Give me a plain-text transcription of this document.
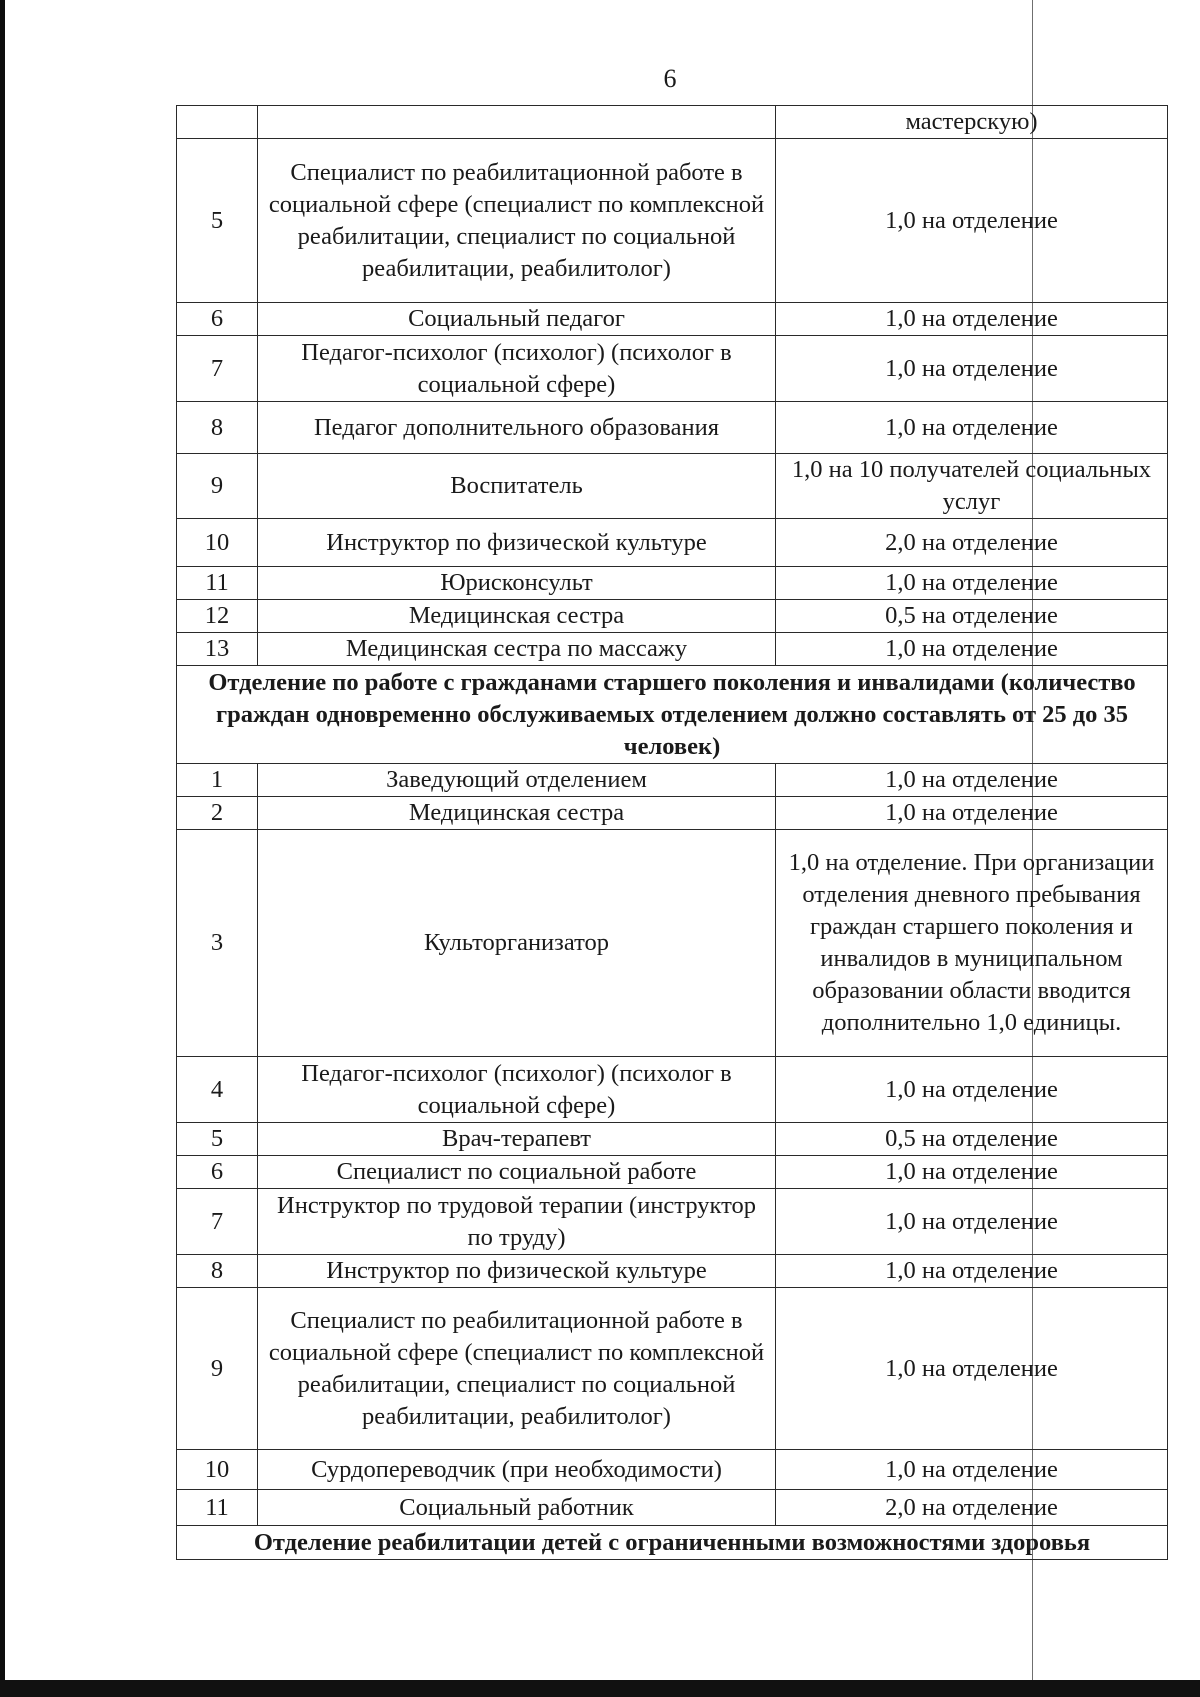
6
		мастерскую)
5	Специалист по реабилитационной работе в социальной сфере (специалист по комплексной реабилитации, специалист по социальной реабилитации, реабилитолог)	1,0 на отделение
6	Социальный педагог	1,0 на отделение
7	Педагог-психолог (психолог) (психолог в социальной сфере)	1,0 на отделение
8	Педагог дополнительного образования	1,0 на отделение
9	Воспитатель	1,0 на 10 получателей социальных услуг
10	Инструктор по физической культуре	2,0 на отделение
11	Юрисконсульт	1,0 на отделение
12	Медицинская сестра	0,5 на отделение
13	Медицинская сестра по массажу	1,0 на отделение
Отделение по работе с гражданами старшего поколения и инвалидами (количество граждан одновременно обслуживаемых отделением должно составлять от 25 до 35 человек)		
1	Заведующий отделением	1,0 на отделение
2	Медицинская сестра	1,0 на отделение
3	Культорганизатор	1,0 на отделение. При организации отделения дневного пребывания граждан старшего поколения и инвалидов в муниципальном образовании области вводится дополнительно 1,0 единицы.
4	Педагог-психолог (психолог) (психолог в социальной сфере)	1,0 на отделение
5	Врач-терапевт	0,5 на отделение
6	Специалист по социальной работе	1,0 на отделение
7	Инструктор по трудовой терапии (инструктор по труду)	1,0 на отделение
8	Инструктор по физической культуре	1,0 на отделение
9	Специалист по реабилитационной работе в социальной сфере (специалист по комплексной реабилитации, специалист по социальной реабилитации, реабилитолог)	1,0 на отделение
10	Сурдопереводчик (при необходимости)	1,0 на отделение
11	Социальный работник	2,0 на отделение
Отделение реабилитации детей с ограниченными возможностями здоровья		
